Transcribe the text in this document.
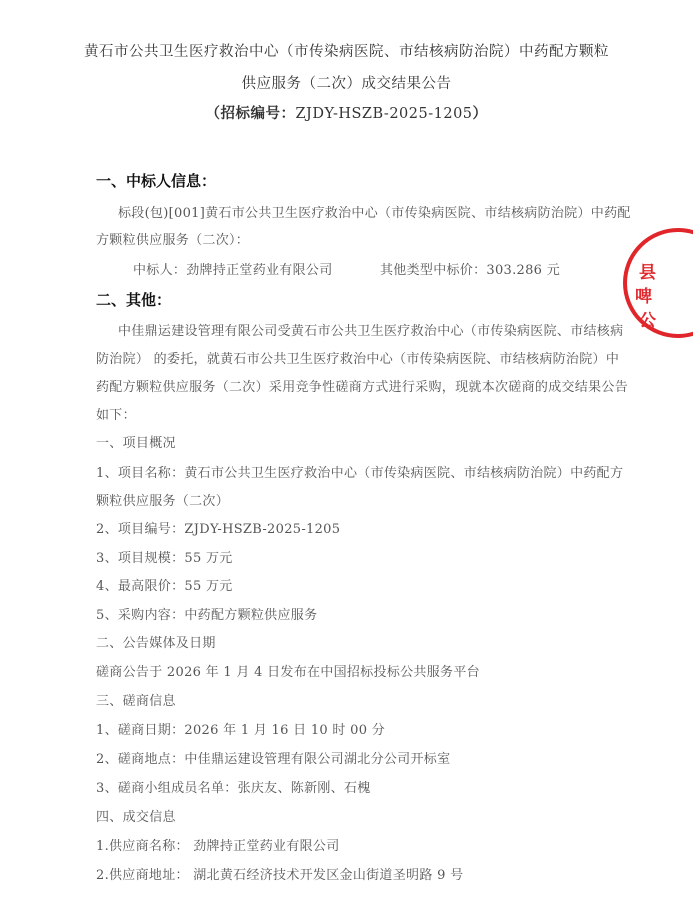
黄石市公共卫生医疗救治中心（市传染病医院、市结核病防治院）中药配方颗粒
供应服务（二次）成交结果公告
（招标编号：ZJDY-HSZB-2025-1205）
一、中标人信息：
标段(包)[001]黄石市公共卫生医疗救治中心（市传染病医院、市结核病防治院）中药配
方颗粒供应服务（二次）：
中标人：劲牌持正堂药业有限公司	其他类型中标价：303.286 元
二、其他：
中佳鼎运建设管理有限公司受黄石市公共卫生医疗救治中心（市传染病医院、市结核病
防治院） 的委托，就黄石市公共卫生医疗救治中心（市传染病医院、市结核病防治院）中
药配方颗粒供应服务（二次）采用竞争性磋商方式进行采购，现就本次磋商的成交结果公告
如下：
一、项目概况
1、项目名称：黄石市公共卫生医疗救治中心（市传染病医院、市结核病防治院）中药配方
颗粒供应服务（二次）
2、项目编号：ZJDY-HSZB-2025-1205
3、项目规模：55 万元
4、最高限价：55 万元
5、采购内容：中药配方颗粒供应服务
二、公告媒体及日期
磋商公告于 2026 年 1 月 4 日发布在中国招标投标公共服务平台
三、磋商信息
1、磋商日期：2026 年 1 月 16 日 10 时 00 分
2、磋商地点：中佳鼎运建设管理有限公司湖北分公司开标室
3、磋商小组成员名单：张庆友、陈新刚、石槐
四、成交信息
1.供应商名称： 劲牌持正堂药业有限公司
2.供应商地址： 湖北黄石经济技术开发区金山街道圣明路 9 号
县
啤
公
